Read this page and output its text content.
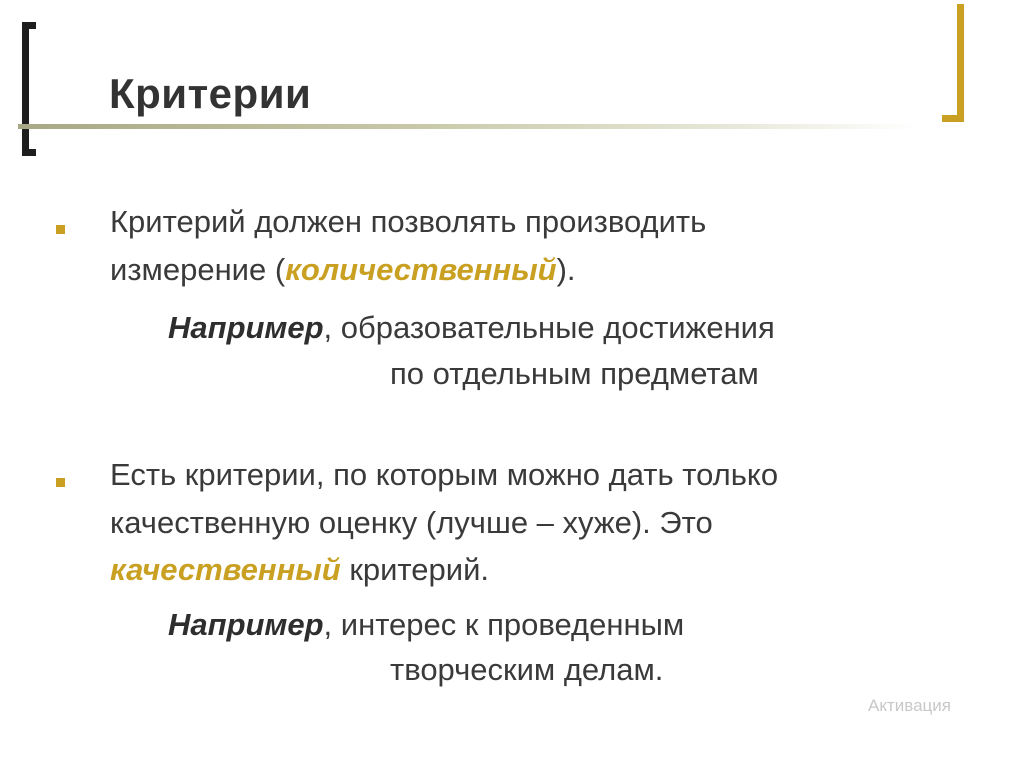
Критерии
Критерий должен позволять производить
измерение (количественный).
Например, образовательные достижения
по отдельным предметам
Есть критерии, по которым можно дать только
качественную оценку (лучше – хуже). Это
качественный критерий.
Например, интерес к проведенным
творческим делам.
Активация
